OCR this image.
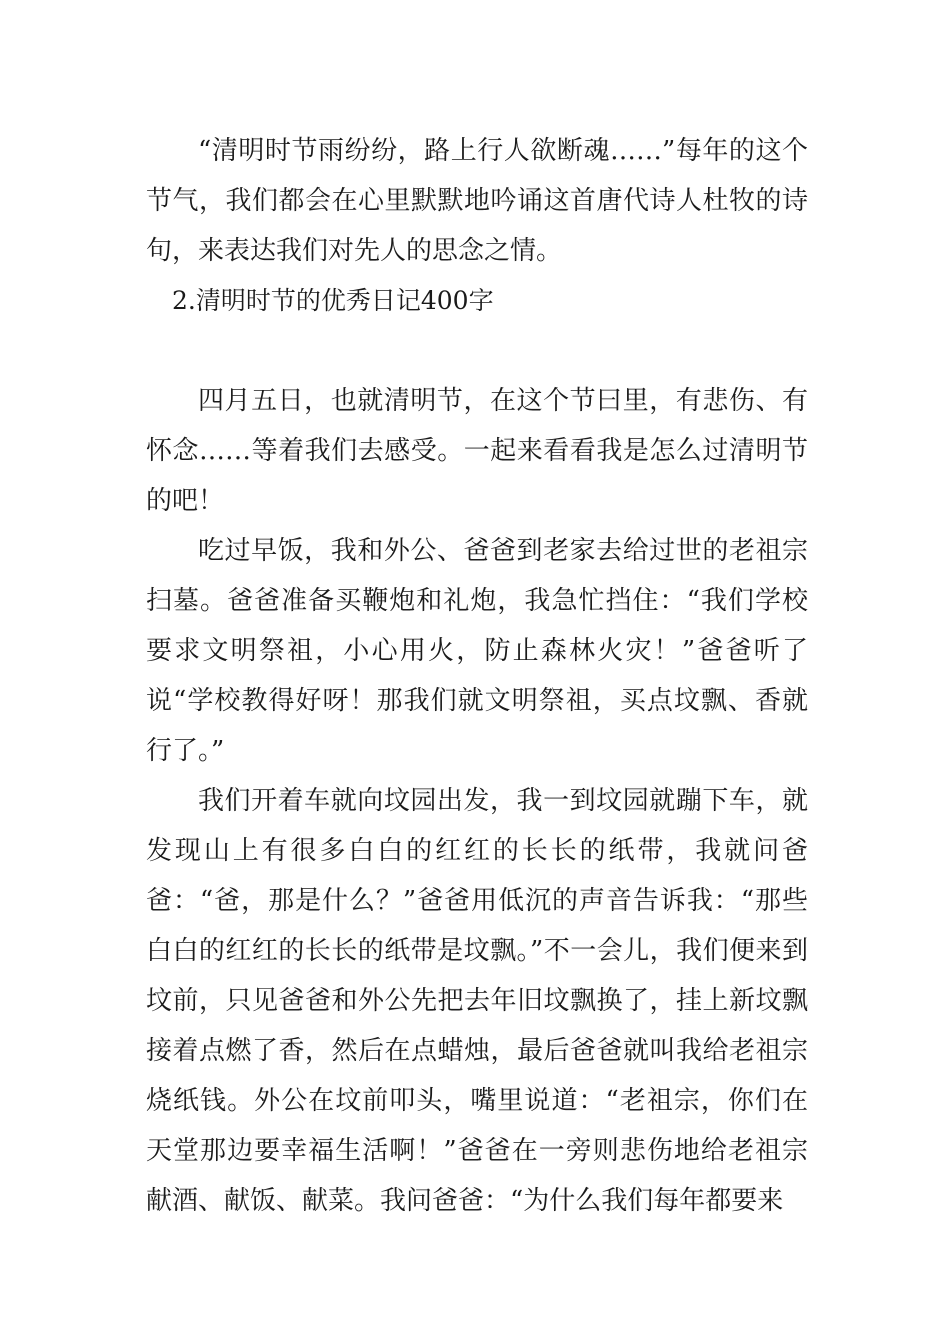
“清明时节雨纷纷，路上行人欲断魂……”每年的这个节气，我们都会在心里默默地吟诵这首唐代诗人杜牧的诗句，来表达我们对先人的思念之情。

2.清明时节的优秀日记400字

四月五日，也就清明节，在这个节曰里，有悲伤、有怀念……等着我们去感受。一起来看看我是怎么过清明节的吧！

吃过早饭，我和外公、爸爸到老家去给过世的老祖宗扫墓。爸爸准备买鞭炮和礼炮，我急忙挡住：“我们学校要求文明祭祖，小心用火，防止森林火灾！”爸爸听了说“学校教得好呀！那我们就文明祭祖，买点坟飘、香就行了。”

我们开着车就向坟园出发，我一到坟园就蹦下车，就发现山上有很多白白的红红的长长的纸带，我就问爸爸：“爸，那是什么？”爸爸用低沉的声音告诉我：“那些白白的红红的长长的纸带是坟飘。”不一会儿，我们便来到坟前，只见爸爸和外公先把去年旧坟飘换了，挂上新坟飘接着点燃了香，然后在点蜡烛，最后爸爸就叫我给老祖宗烧纸钱。外公在坟前叩头，嘴里说道：“老祖宗，你们在天堂那边要幸福生活啊！”爸爸在一旁则悲伤地给老祖宗献酒、献饭、献菜。我问爸爸：“为什么我们每年都要来
